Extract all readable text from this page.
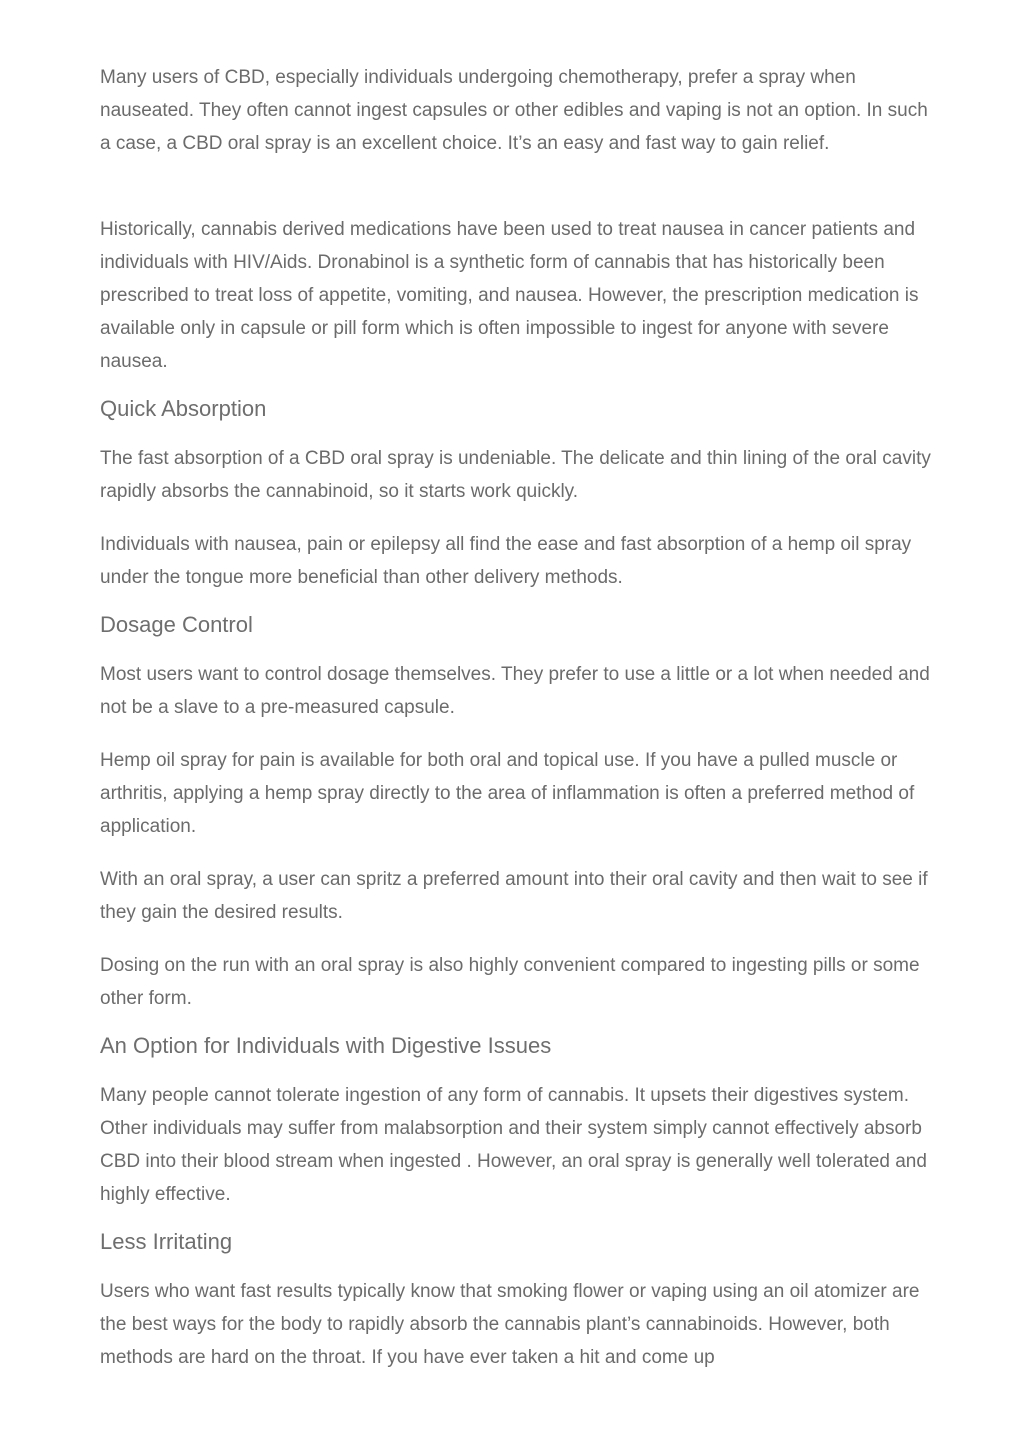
Many users of CBD, especially individuals undergoing chemotherapy, prefer a spray when nauseated. They often cannot ingest capsules or other edibles and vaping is not an option. In such a case, a CBD oral spray is an excellent choice. It’s an easy and fast way to gain relief.

Historically, cannabis derived medications have been used to treat nausea in cancer patients and individuals with HIV/Aids. Dronabinol is a synthetic form of cannabis that has historically been prescribed to treat loss of appetite, vomiting, and nausea. However, the prescription medication is available only in capsule or pill form which is often impossible to ingest for anyone with severe nausea.

Quick Absorption

The fast absorption of a CBD oral spray is undeniable. The delicate and thin lining of the oral cavity rapidly absorbs the cannabinoid, so it starts work quickly.

Individuals with nausea, pain or epilepsy all find the ease and fast absorption of a hemp oil spray under the tongue more beneficial than other delivery methods.

Dosage Control

Most users want to control dosage themselves. They prefer to use a little or a lot when needed and not be a slave to a pre-measured capsule.

Hemp oil spray for pain is available for both oral and topical use. If you have a pulled muscle or arthritis, applying a hemp spray directly to the area of inflammation is often a preferred method of application.

With an oral spray, a user can spritz a preferred amount into their oral cavity and then wait to see if they gain the desired results.

Dosing on the run with an oral spray is also highly convenient compared to ingesting pills or some other form.

An Option for Individuals with Digestive Issues

Many people cannot tolerate ingestion of any form of cannabis. It upsets their digestives system. Other individuals may suffer from malabsorption and their system simply cannot effectively absorb CBD into their blood stream when ingested . However, an oral spray is generally well tolerated and highly effective.

Less Irritating

Users who want fast results typically know that smoking flower or vaping using an oil atomizer are the best ways for the body to rapidly absorb the cannabis plant’s cannabinoids. However, both methods are hard on the throat. If you have ever taken a hit and come up
